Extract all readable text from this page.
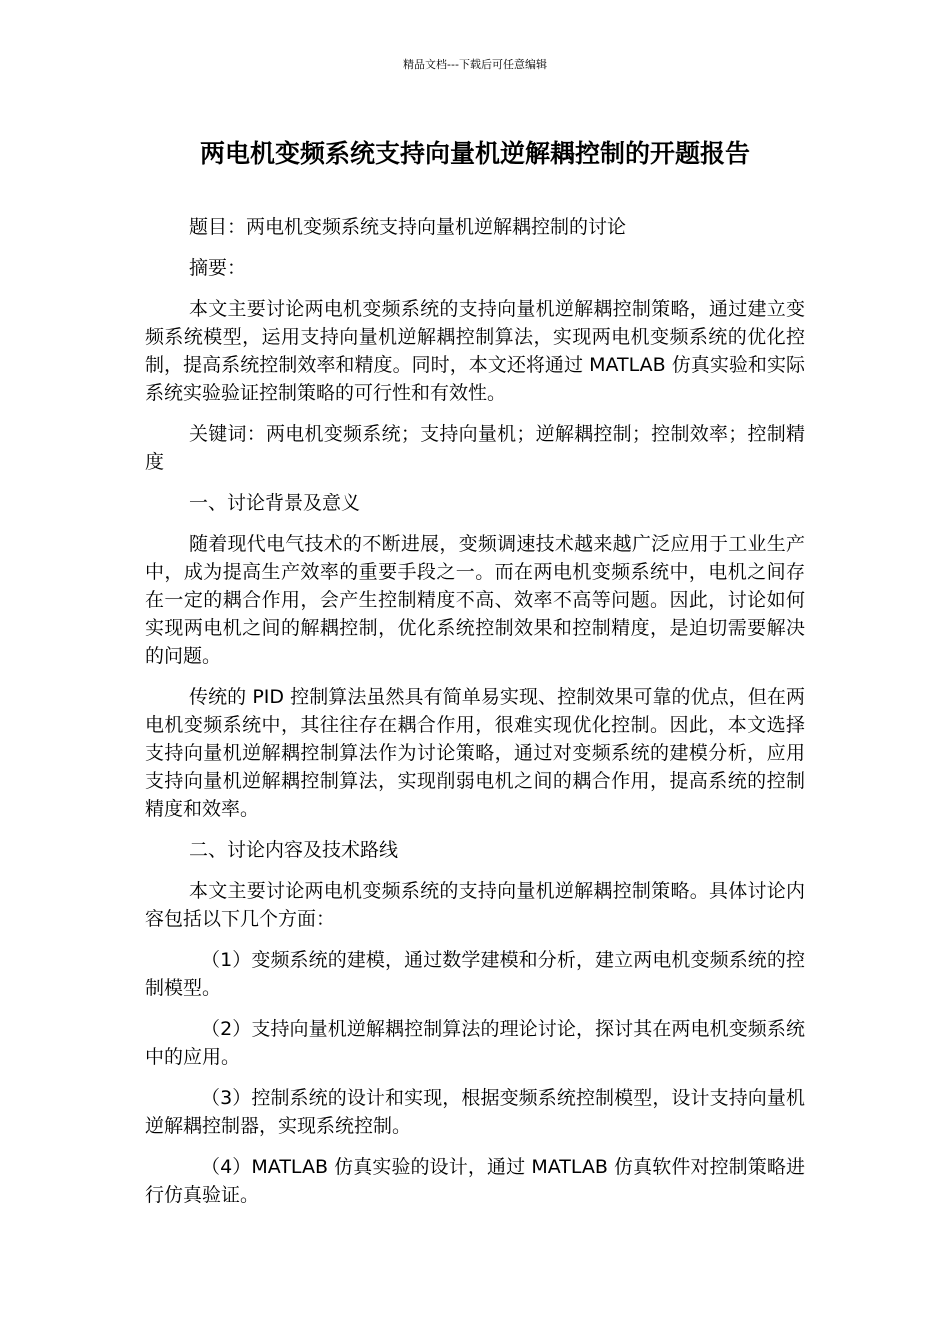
精品文档---下载后可任意编辑
两电机变频系统支持向量机逆解耦控制的开题报告

题目：两电机变频系统支持向量机逆解耦控制的讨论

摘要：

本文主要讨论两电机变频系统的支持向量机逆解耦控制策略，通过建立变频系统模型，运用支持向量机逆解耦控制算法，实现两电机变频系统的优化控制，提高系统控制效率和精度。同时，本文还将通过 MATLAB 仿真实验和实际系统实验验证控制策略的可行性和有效性。

关键词：两电机变频系统；支持向量机；逆解耦控制；控制效率；控制精度

一、讨论背景及意义

随着现代电气技术的不断进展，变频调速技术越来越广泛应用于工业生产中，成为提高生产效率的重要手段之一。而在两电机变频系统中，电机之间存在一定的耦合作用，会产生控制精度不高、效率不高等问题。因此，讨论如何实现两电机之间的解耦控制，优化系统控制效果和控制精度，是迫切需要解决的问题。

传统的 PID 控制算法虽然具有简单易实现、控制效果可靠的优点，但在两电机变频系统中，其往往存在耦合作用，很难实现优化控制。因此，本文选择支持向量机逆解耦控制算法作为讨论策略，通过对变频系统的建模分析，应用支持向量机逆解耦控制算法，实现削弱电机之间的耦合作用，提高系统的控制精度和效率。

二、讨论内容及技术路线

本文主要讨论两电机变频系统的支持向量机逆解耦控制策略。具体讨论内容包括以下几个方面：

（1）变频系统的建模，通过数学建模和分析，建立两电机变频系统的控制模型。

（2）支持向量机逆解耦控制算法的理论讨论，探讨其在两电机变频系统中的应用。

（3）控制系统的设计和实现，根据变频系统控制模型，设计支持向量机逆解耦控制器，实现系统控制。

（4）MATLAB 仿真实验的设计，通过 MATLAB 仿真软件对控制策略进行仿真验证。
